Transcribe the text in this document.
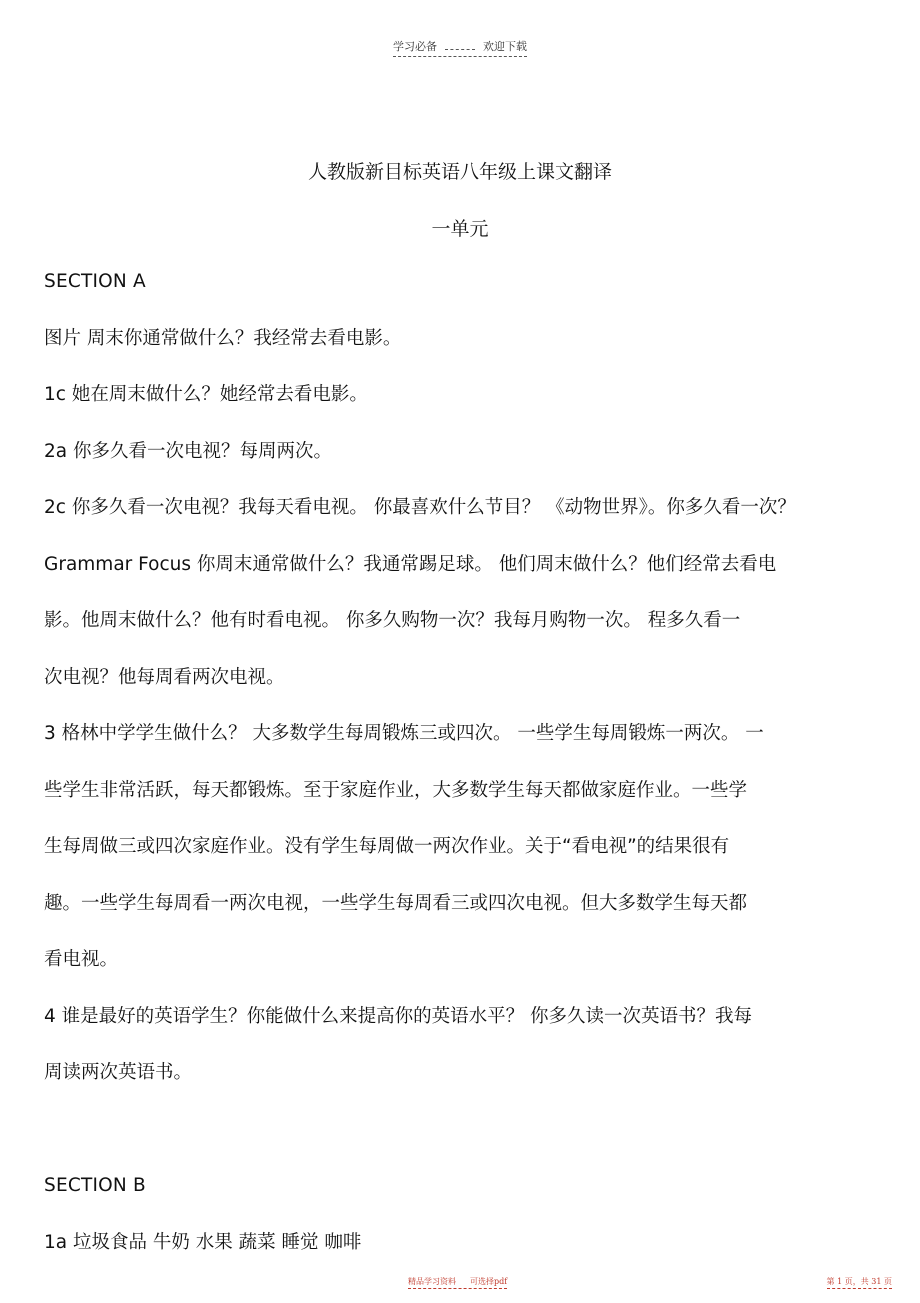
学习必备	欢迎下载
人教版新目标英语八年级上课文翻译
一单元
SECTION A
图片 周末你通常做什么？我经常去看电影。
1c 她在周末做什么？她经常去看电影。
2a 你多久看一次电视？每周两次。
2c 你多久看一次电视？我每天看电视。 你最喜欢什么节目？ 《动物世界》。你多久看一次？
Grammar Focus 你周末通常做什么？我通常踢足球。 他们周末做什么？他们经常去看电
影。他周末做什么？他有时看电视。 你多久购物一次？我每月购物一次。 程多久看一
次电视？他每周看两次电视。
3 格林中学学生做什么？ 大多数学生每周锻炼三或四次。 一些学生每周锻炼一两次。 一
些学生非常活跃，每天都锻炼。至于家庭作业，大多数学生每天都做家庭作业。一些学
生每周做三或四次家庭作业。没有学生每周做一两次作业。关于“看电视”的结果很有
趣。一些学生每周看一两次电视，一些学生每周看三或四次电视。但大多数学生每天都
看电视。
4 谁是最好的英语学生？你能做什么来提高你的英语水平？ 你多久读一次英语书？我每
周读两次英语书。
SECTION B
1a 垃圾食品 牛奶 水果 蔬菜 睡觉 咖啡
精品学习资料 可选择pdf	第 1 页，共 31 页
